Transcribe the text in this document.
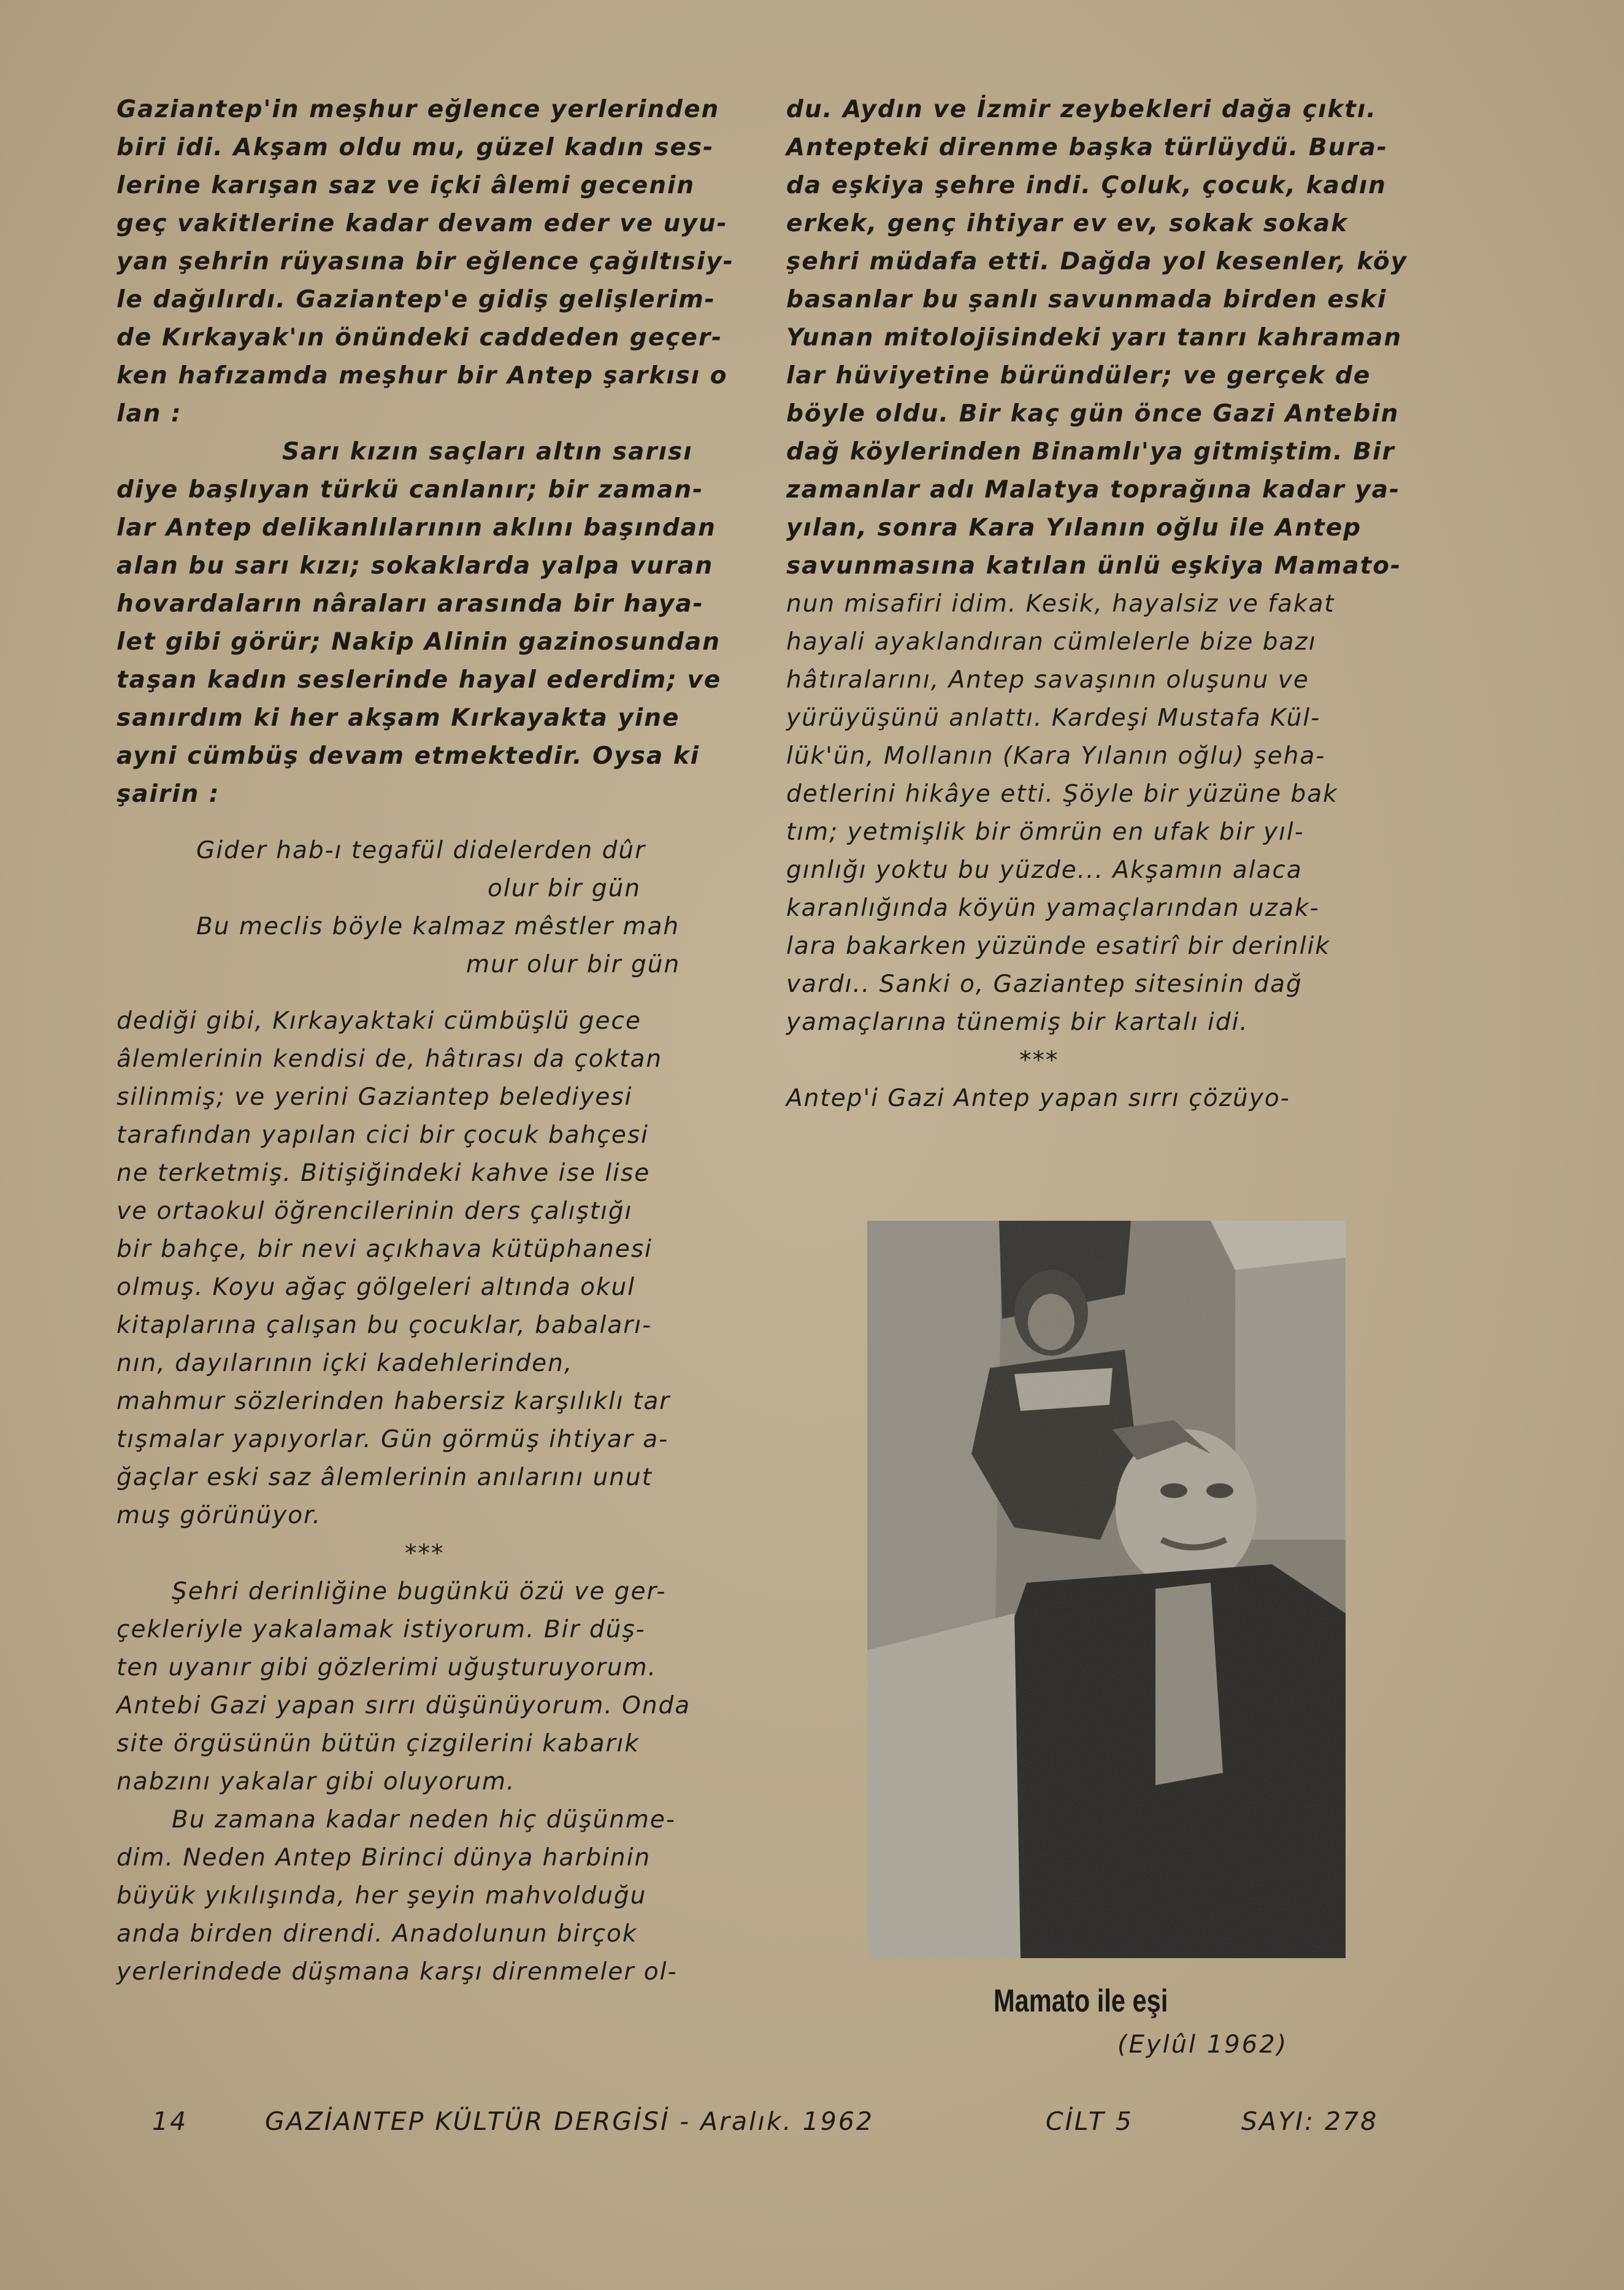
Gaziantep'in meşhur eğlence yerlerinden

biri idi. Akşam oldu mu, güzel kadın ses-

lerine karışan saz ve içki âlemi gecenin

geç vakitlerine kadar devam eder ve uyu-

yan şehrin rüyasına bir eğlence çağıltısiy-

le dağılırdı. Gaziantep'e gidiş gelişlerim-

de Kırkayak'ın önündeki caddeden geçer-

ken hafızamda meşhur bir Antep şarkısı o

lan :

Sarı kızın saçları altın sarısı

diye başlıyan türkü canlanır; bir zaman-

lar Antep delikanlılarının aklını başından

alan bu sarı kızı; sokaklarda yalpa vuran

hovardaların nâraları arasında bir haya-

let gibi görür; Nakip Alinin gazinosundan

taşan kadın seslerinde hayal ederdim; ve

sanırdım ki her akşam Kırkayakta yine

ayni cümbüş devam etmektedir. Oysa ki

şairin :

Gider hab-ı tegafül didelerden dûr

olur bir gün

Bu meclis böyle kalmaz mêstler mah

mur olur bir gün

dediği gibi, Kırkayaktaki cümbüşlü gece

âlemlerinin kendisi de, hâtırası da çoktan

silinmiş; ve yerini Gaziantep belediyesi

tarafından yapılan cici bir çocuk bahçesi

ne terketmiş. Bitişiğindeki kahve ise lise

ve ortaokul öğrencilerinin ders çalıştığı

bir bahçe, bir nevi açıkhava kütüphanesi

olmuş. Koyu ağaç gölgeleri altında okul

kitaplarına çalışan bu çocuklar, babaları-

nın, dayılarının içki kadehlerinden,

mahmur sözlerinden habersiz karşılıklı tar

tışmalar yapıyorlar. Gün görmüş ihtiyar a-

ğaçlar eski saz âlemlerinin anılarını unut

muş görünüyor.

***

Şehri derinliğine bugünkü özü ve ger-

çekleriyle yakalamak istiyorum. Bir düş-

ten uyanır gibi gözlerimi uğuşturuyorum.

Antebi Gazi yapan sırrı düşünüyorum. Onda

site örgüsünün bütün çizgilerini kabarık

nabzını yakalar gibi oluyorum.

Bu zamana kadar neden hiç düşünme-

dim. Neden Antep Birinci dünya harbinin

büyük yıkılışında, her şeyin mahvolduğu

anda birden direndi. Anadolunun birçok

yerlerindede düşmana karşı direnmeler ol-

du. Aydın ve İzmir zeybekleri dağa çıktı.

Antepteki direnme başka türlüydü. Bura-

da eşkiya şehre indi. Çoluk, çocuk, kadın

erkek, genç ihtiyar ev ev, sokak sokak

şehri müdafa etti. Dağda yol kesenler, köy

basanlar bu şanlı savunmada birden eski

Yunan mitolojisindeki yarı tanrı kahraman

lar hüviyetine büründüler; ve gerçek de

böyle oldu. Bir kaç gün önce Gazi Antebin

dağ köylerinden Binamlı'ya gitmiştim. Bir

zamanlar adı Malatya toprağına kadar ya-

yılan, sonra Kara Yılanın oğlu ile Antep

savunmasına katılan ünlü eşkiya Mamato-

nun misafiri idim. Kesik, hayalsiz ve fakat

hayali ayaklandıran cümlelerle bize bazı

hâtıralarını, Antep savaşının oluşunu ve

yürüyüşünü anlattı. Kardeşi Mustafa Kül-

lük'ün, Mollanın (Kara Yılanın oğlu) şeha-

detlerini hikâye etti. Şöyle bir yüzüne bak

tım; yetmişlik bir ömrün en ufak bir yıl-

gınlığı yoktu bu yüzde... Akşamın alaca

karanlığında köyün yamaçlarından uzak-

lara bakarken yüzünde esatirî bir derinlik

vardı.. Sanki o, Gaziantep sitesinin dağ

yamaçlarına tünemiş bir kartalı idi.

***

Antep'i Gazi Antep yapan sırrı çözüyo-

Mamato ile eşi
(Eylûl 1962)
14	GAZİANTEP KÜLTÜR DERGİSİ - Aralık. 1962	CİLT 5	SAYI: 278
